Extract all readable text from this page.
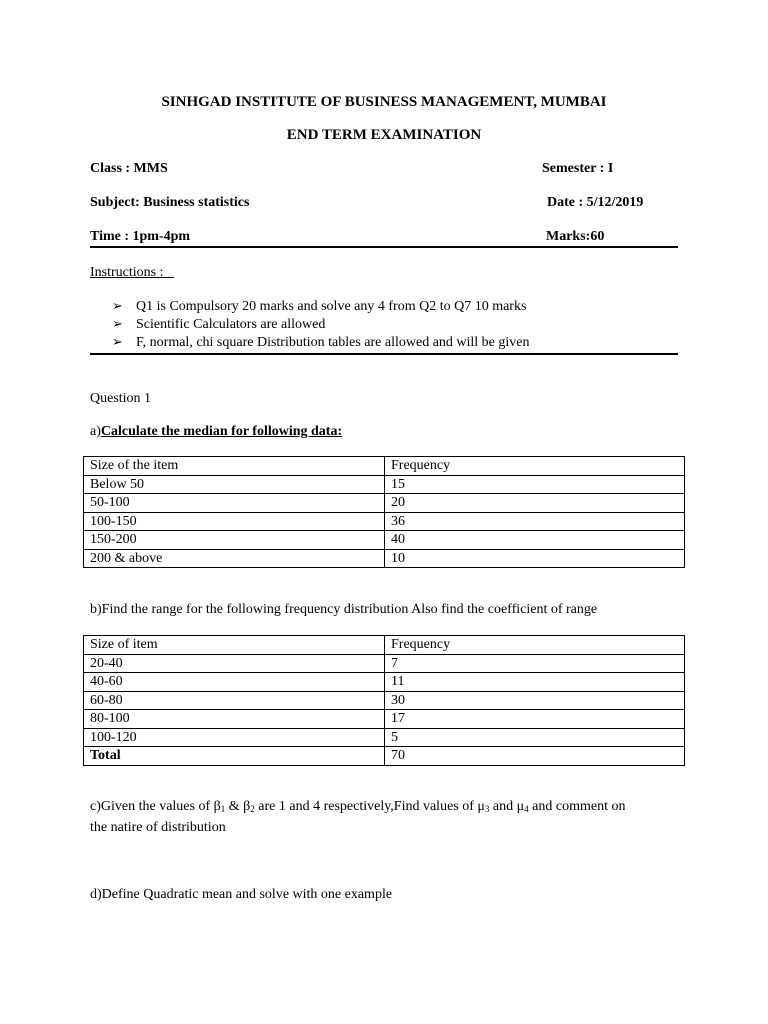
SINHGAD INSTITUTE OF BUSINESS MANAGEMENT, MUMBAI
END TERM EXAMINATION
Class : MMS	Semester : I
Subject: Business statistics	Date : 5/12/2019
Time : 1pm-4pm	Marks:60
Instructions : _
➢ Q1 is Compulsory 20 marks and solve any 4 from Q2 to Q7 10 marks
➢ Scientific Calculators are allowed
➢ F, normal, chi square Distribution tables are allowed and will be given
Question 1
a)Calculate the median for following data:
Size of the item	Frequency
Below 50	15
50-100	20
100-150	36
150-200	40
200 & above	10
b)Find the range for the following frequency distribution Also find the coefficient of range
Size of item	Frequency
20-40	7
40-60	11
60-80	30
80-100	17
100-120	5
Total	70
c)Given the values of $\beta_1$ & $\beta_2$ are 1 and 4 respectively,Find values of $\mu_3$ and $\mu_4$ and comment on
the natire of distribution
d)Define Quadratic mean and solve with one example
